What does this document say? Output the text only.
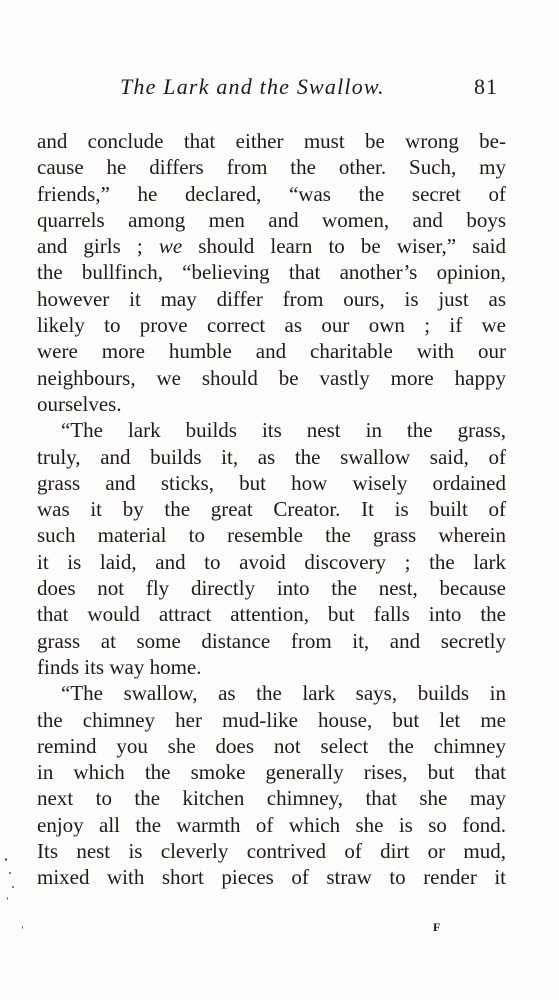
The Lark and the Swallow.	81
and conclude that either must be wrong be-
cause he differs from the other. Such, my
friends,” he declared, “was the secret of
quarrels among men and women, and boys
and girls ; we should learn to be wiser,” said
the bullfinch, “believing that another’s opinion,
however it may differ from ours, is just as
likely to prove correct as our own ; if we
were more humble and charitable with our
neighbours, we should be vastly more happy
ourselves.
“The lark builds its nest in the grass,
truly, and builds it, as the swallow said, of
grass and sticks, but how wisely ordained
was it by the great Creator. It is built of
such material to resemble the grass wherein
it is laid, and to avoid discovery ; the lark
does not fly directly into the nest, because
that would attract attention, but falls into the
grass at some distance from it, and secretly
finds its way home.
“The swallow, as the lark says, builds in
the chimney her mud-like house, but let me
remind you she does not select the chimney
in which the smoke generally rises, but that
next to the kitchen chimney, that she may
enjoy all the warmth of which she is so fond.
Its nest is cleverly contrived of dirt or mud,
mixed with short pieces of straw to render it
F
